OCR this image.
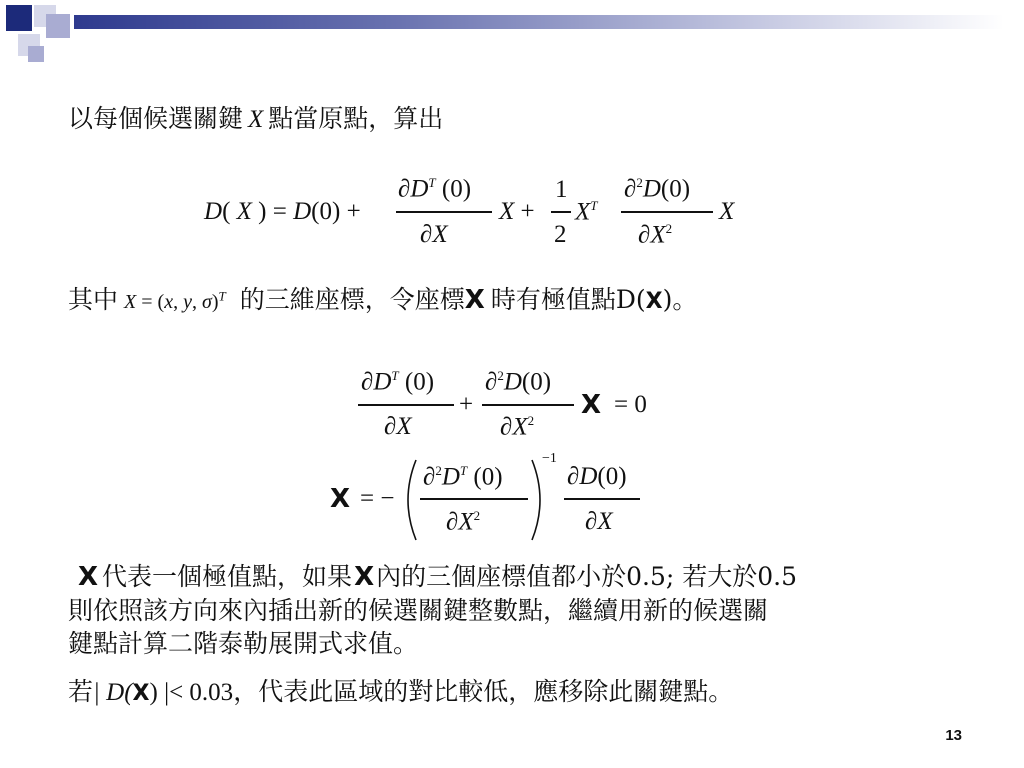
以每個候選關鍵 X 點當原點，算出
D( X ) = D(0) +
$\partial D^T$ (0)
∂X
X +
1
2
$X^T$
∂$^2$D(0)
$\partial X^2$
X
其中 X = (x, y, σ)$^T$ 的三維座標，令座標X 時有極值點D(X)。
$\partial D^T$ (0)
∂X
+
∂$^2$D(0)
$\partial X^2$
X = 0
X = −
$\partial^2D^T$ (0)
$\partial X^2$
−1
∂D(0)
∂X
X 代表一個極值點，如果X內的三個座標值都小於0.5; 若大於0.5
則依照該方向來內插出新的候選關鍵整數點，繼續用新的候選關
鍵點計算二階泰勒展開式求值。
若| D(X) |< 0.03，代表此區域的對比較低，應移除此關鍵點。
13
